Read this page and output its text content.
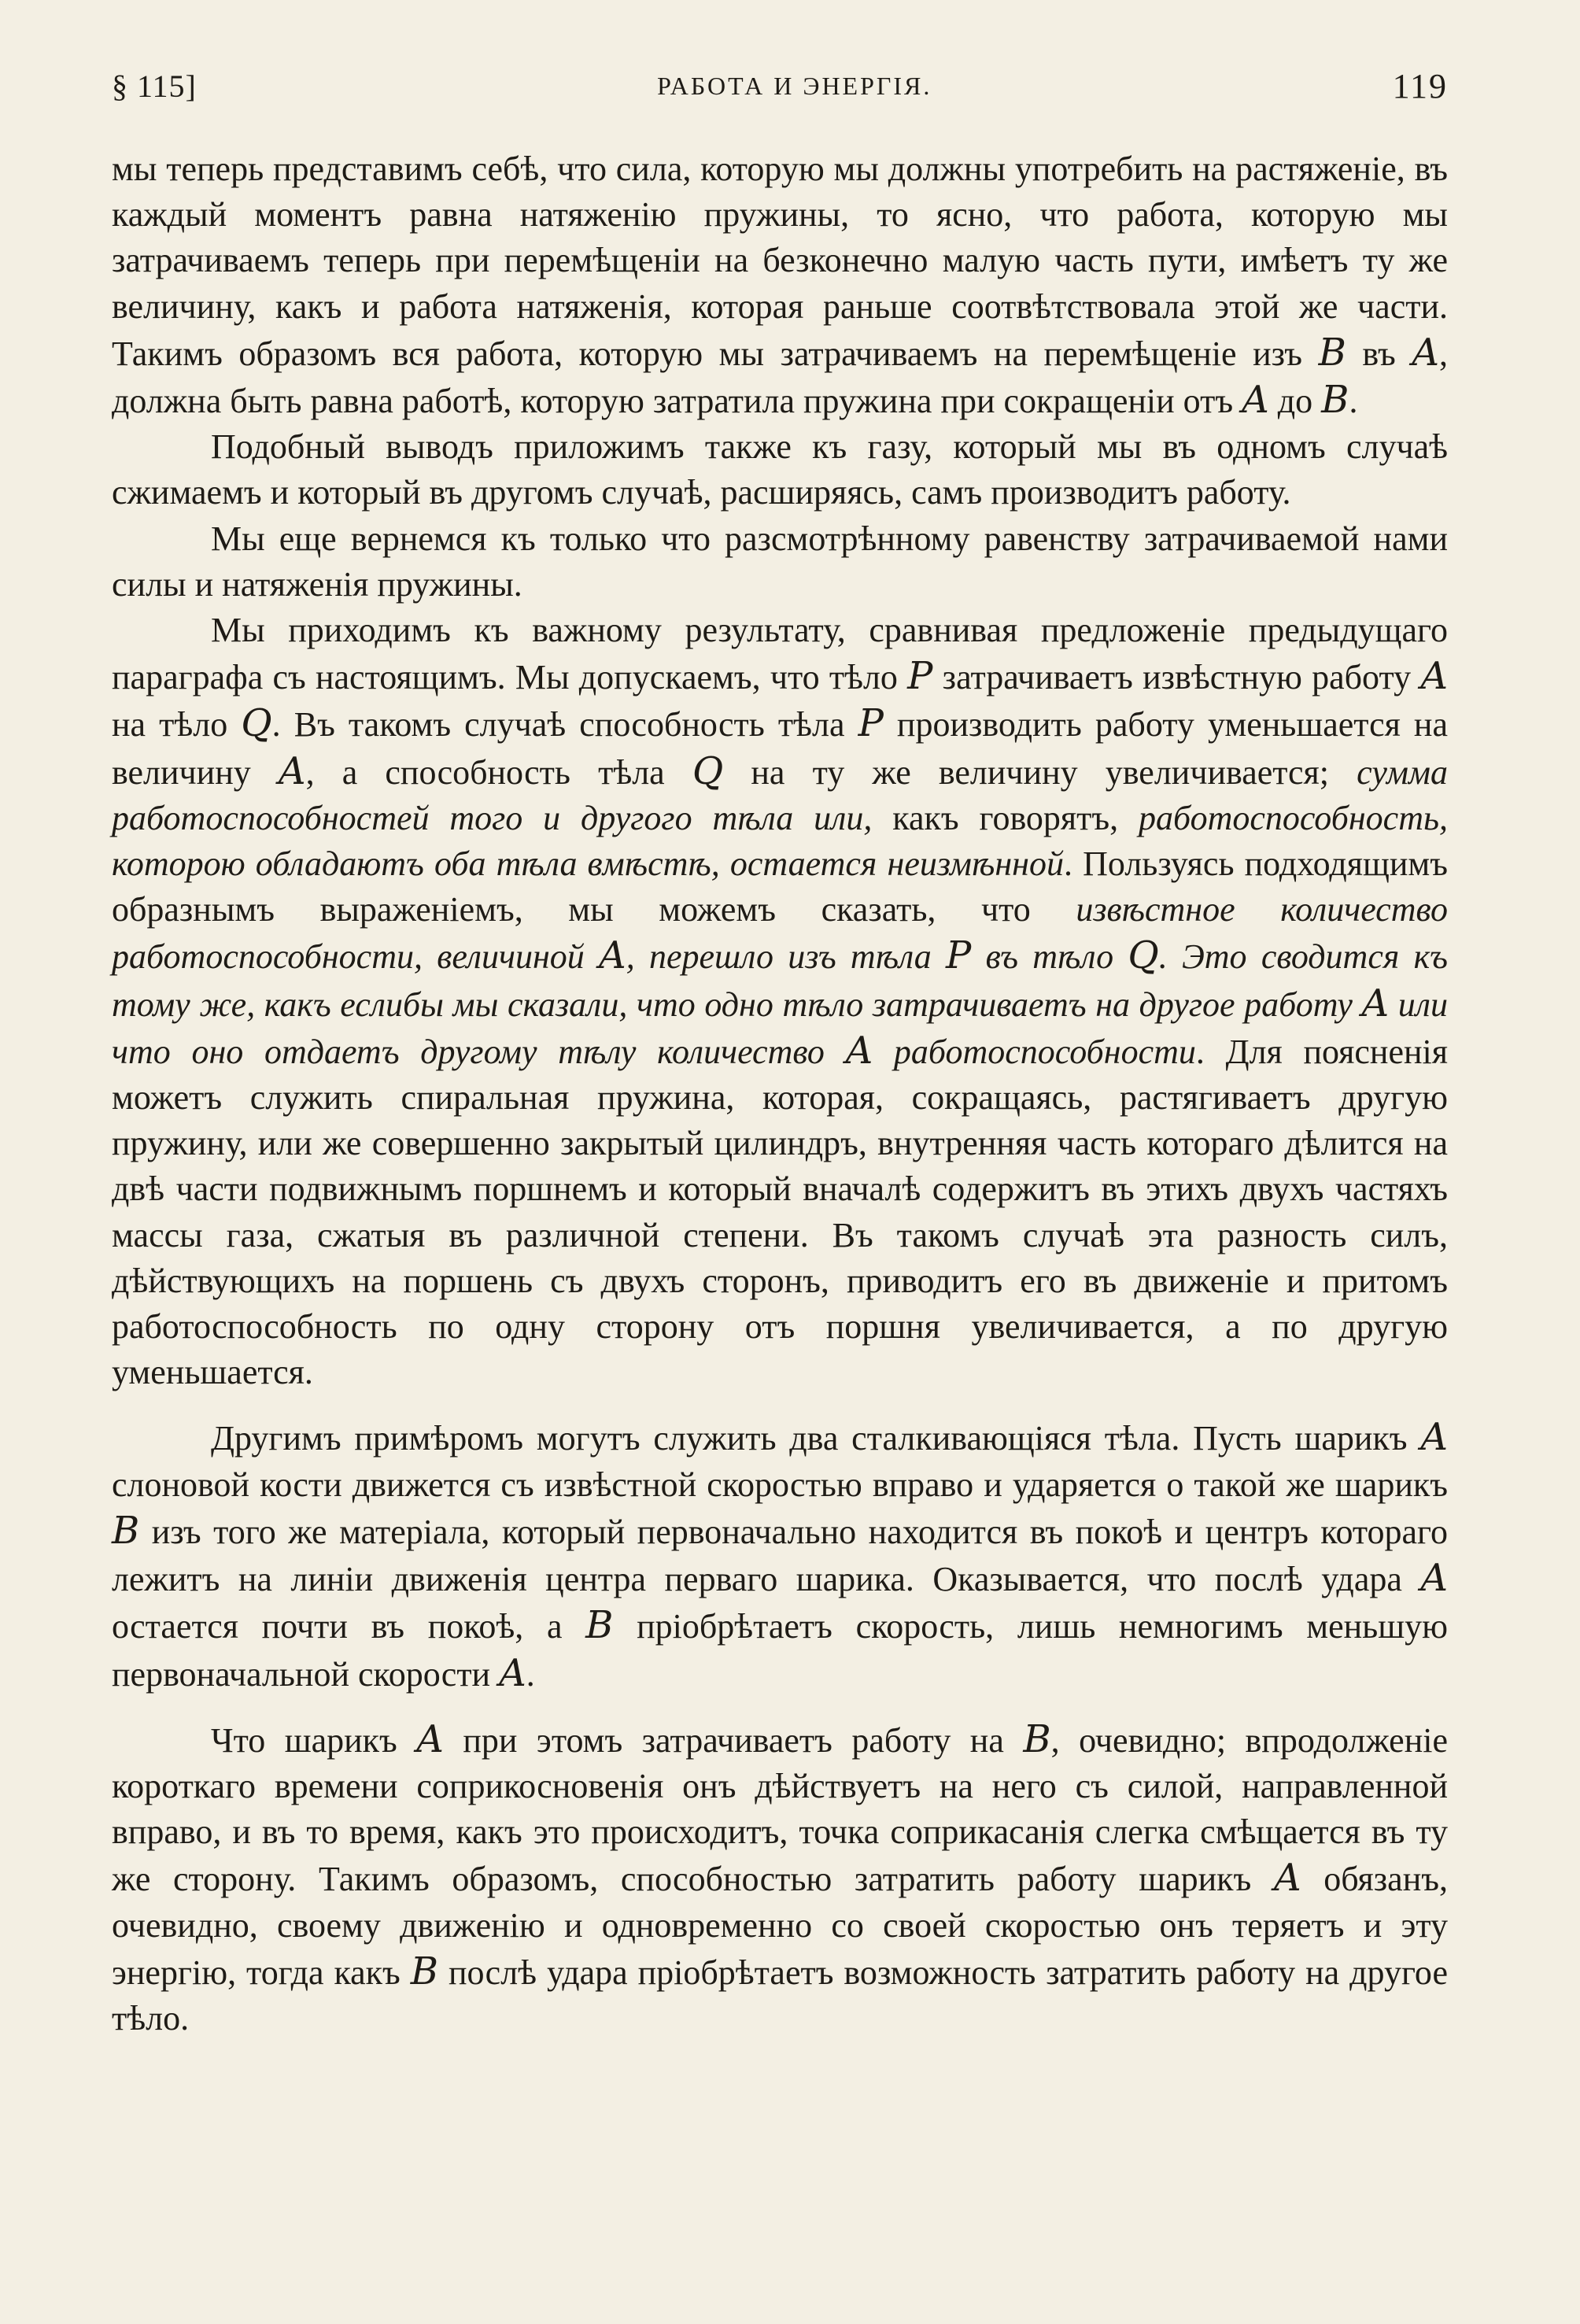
§ 115]	РАБОТА И ЭНЕРГІЯ.	119

мы теперь представимъ себѣ, что сила, которую мы должны употребить на растяженіе, въ каждый моментъ равна натяженію пружины, то ясно, что работа, которую мы затрачиваемъ теперь при перемѣщеніи на безконечно малую часть пути, имѣетъ ту же величину, какъ и работа натяженія, которая раньше соотвѣтствовала этой же части. Такимъ образомъ вся работа, которую мы затрачиваемъ на перемѣщеніе изъ B въ A, должна быть равна работѣ, которую затратила пружина при сокращеніи отъ A до B.

Подобный выводъ приложимъ также къ газу, который мы въ одномъ случаѣ сжимаемъ и который въ другомъ случаѣ, расширяясь, самъ производитъ работу.

Мы еще вернемся къ только что разсмотрѣнному равенству затрачиваемой нами силы и натяженія пружины.

Мы приходимъ къ важному результату, сравнивая предложеніе предыдущаго параграфа съ настоящимъ. Мы допускаемъ, что тѣло P затрачиваетъ извѣстную работу A на тѣло Q. Въ такомъ случаѣ способность тѣла P производить работу уменьшается на величину A, а способность тѣла Q на ту же величину увеличивается; сумма работоспособностей того и другого тѣла или, какъ говорятъ, работоспособность, которою обладаютъ оба тѣла вмѣстѣ, остается неизмѣнной. Пользуясь подходящимъ образнымъ выраженіемъ, мы можемъ сказать, что извѣстное количество работоспособности, величиной A, перешло изъ тѣла P въ тѣло Q. Это сводится къ тому же, какъ еслибы мы сказали, что одно тѣло затрачиваетъ на другое работу A или что оно отдаетъ другому тѣлу количество A работоспособности. Для поясненія можетъ служить спиральная пружина, которая, сокращаясь, растягиваетъ другую пружину, или же совершенно закрытый цилиндръ, внутренняя часть котораго дѣлится на двѣ части подвижнымъ поршнемъ и который вначалѣ содержитъ въ этихъ двухъ частяхъ массы газа, сжатыя въ различной степени. Въ такомъ случаѣ эта разность силъ, дѣйствующихъ на поршень съ двухъ сторонъ, приводитъ его въ движеніе и притомъ работоспособность по одну сторону отъ поршня увеличивается, а по другую уменьшается.

Другимъ примѣромъ могутъ служить два сталкивающіяся тѣла. Пусть шарикъ A слоновой кости движется съ извѣстной скоростью вправо и ударяется о такой же шарикъ B изъ того же матеріала, который первоначально находится въ покоѣ и центръ котораго лежитъ на линіи движенія центра перваго шарика. Оказывается, что послѣ удара A остается почти въ покоѣ, а B пріобрѣтаетъ скорость, лишь немногимъ меньшую первоначальной скорости A.

Что шарикъ A при этомъ затрачиваетъ работу на B, очевидно; впродолженіе короткаго времени соприкосновенія онъ дѣйствуетъ на него съ силой, направленной вправо, и въ то время, какъ это происходитъ, точка соприкасанія слегка смѣщается въ ту же сторону. Такимъ образомъ, способностью затратить работу шарикъ A обязанъ, очевидно, своему движенію и одновременно со своей скоростью онъ теряетъ и эту энергію, тогда какъ B послѣ удара пріобрѣтаетъ возможность затратить работу на другое тѣло.
